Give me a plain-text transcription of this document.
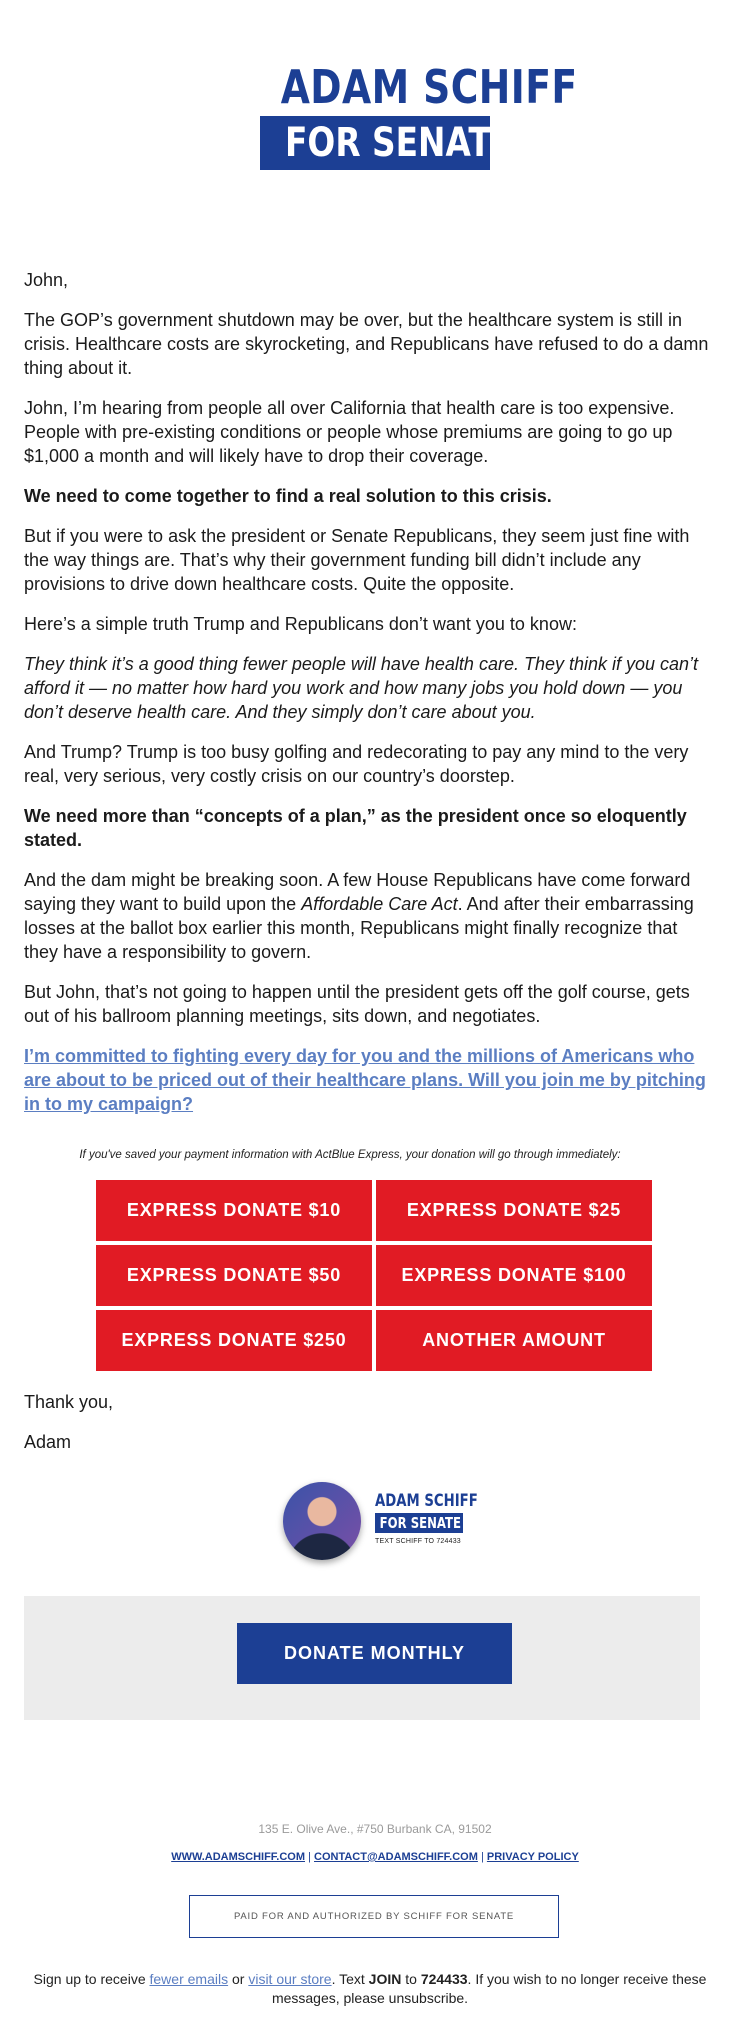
ADAM SCHIFF
FOR SENATE

John,

The GOP’s government shutdown may be over, but the healthcare system is still in crisis. Healthcare costs are skyrocketing, and Republicans have refused to do a damn thing about it.

John, I’m hearing from people all over California that health care is too expensive. People with pre-existing conditions or people whose premiums are going to go up $1,000 a month and will likely have to drop their coverage.

We need to come together to find a real solution to this crisis.

But if you were to ask the president or Senate Republicans, they seem just fine with the way things are. That’s why their government funding bill didn’t include any provisions to drive down healthcare costs. Quite the opposite.

Here’s a simple truth Trump and Republicans don’t want you to know:

They think it’s a good thing fewer people will have health care. They think if you can’t afford it — no matter how hard you work and how many jobs you hold down — you don’t deserve health care. And they simply don’t care about you.

And Trump? Trump is too busy golfing and redecorating to pay any mind to the very real, very serious, very costly crisis on our country’s doorstep.

We need more than “concepts of a plan,” as the president once so eloquently stated.

And the dam might be breaking soon. A few House Republicans have come forward saying they want to build upon the Affordable Care Act. And after their embarrassing losses at the ballot box earlier this month, Republicans might finally recognize that they have a responsibility to govern.

But John, that’s not going to happen until the president gets off the golf course, gets out of his ballroom planning meetings, sits down, and negotiates.

I’m committed to fighting every day for you and the millions of Americans who are about to be priced out of their healthcare plans. Will you join me by pitching in to my campaign?
If you've saved your payment information with ActBlue Express, your donation will go through immediately:
EXPRESS DONATE $10	EXPRESS DONATE $25
EXPRESS DONATE $50	EXPRESS DONATE $100
EXPRESS DONATE $250	ANOTHER AMOUNT

Thank you,

Adam

ADAM SCHIFF
FOR SENATE
TEXT SCHIFF TO 724433
DONATE MONTHLY
135 E. Olive Ave., #750 Burbank CA, 91502
WWW.ADAMSCHIFF.COM | CONTACT@ADAMSCHIFF.COM | PRIVACY POLICY
PAID FOR AND AUTHORIZED BY SCHIFF FOR SENATE
Sign up to receive fewer emails or visit our store. Text JOIN to 724433. If you wish to no longer receive these messages, please unsubscribe.
